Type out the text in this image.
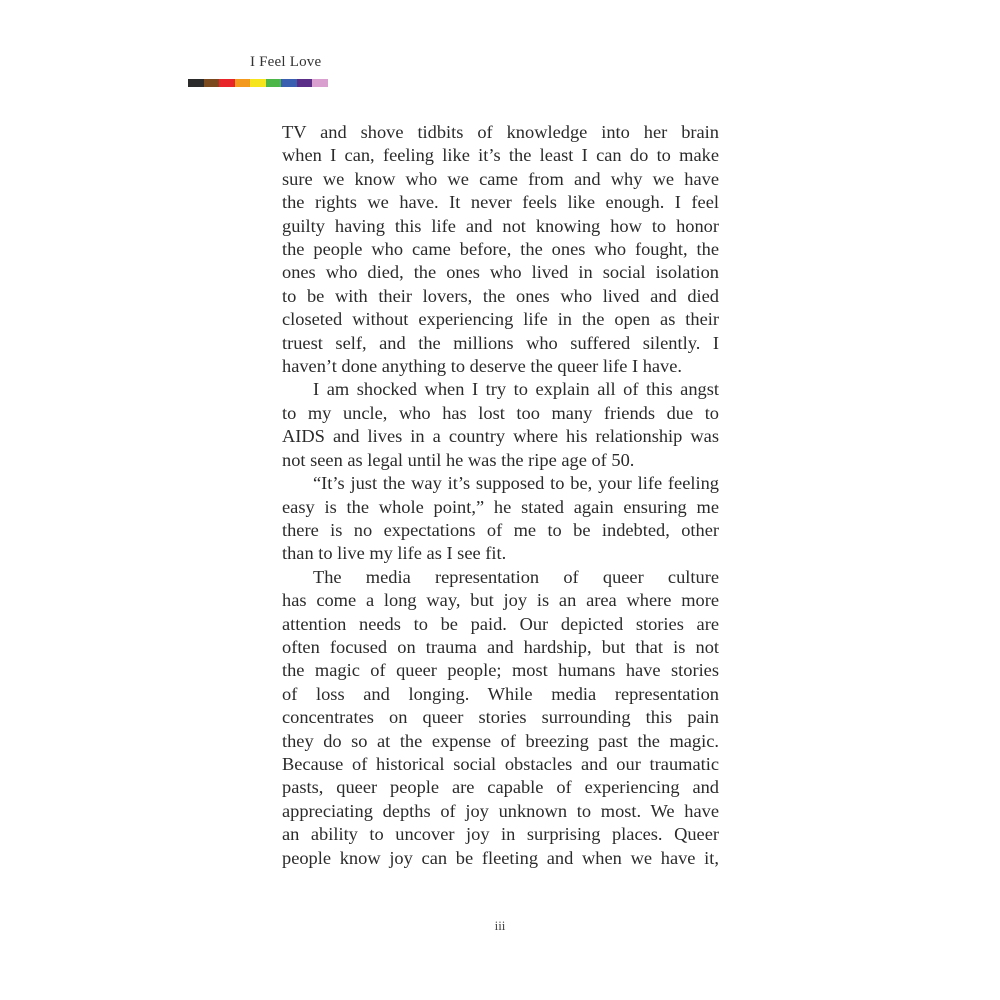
I Feel Love
TV and shove tidbits of knowledge into her brain
when I can, feeling like it’s the least I can do to make
sure we know who we came from and why we have
the rights we have. It never feels like enough. I feel
guilty having this life and not knowing how to honor
the people who came before, the ones who fought, the
ones who died, the ones who lived in social isolation
to be with their lovers, the ones who lived and died
closeted without experiencing life in the open as their
truest self, and the millions who suffered silently. I
haven’t done anything to deserve the queer life I have.
I am shocked when I try to explain all of this angst
to my uncle, who has lost too many friends due to
AIDS and lives in a country where his relationship was
not seen as legal until he was the ripe age of 50.
“It’s just the way it’s supposed to be, your life feeling
easy is the whole point,” he stated again ensuring me
there is no expectations of me to be indebted, other
than to live my life as I see fit.
The media representation of queer culture
has come a long way, but joy is an area where more
attention needs to be paid. Our depicted stories are
often focused on trauma and hardship, but that is not
the magic of queer people; most humans have stories
of loss and longing. While media representation
concentrates on queer stories surrounding this pain
they do so at the expense of breezing past the magic.
Because of historical social obstacles and our traumatic
pasts, queer people are capable of experiencing and
appreciating depths of joy unknown to most. We have
an ability to uncover joy in surprising places. Queer
people know joy can be fleeting and when we have it,
iii
